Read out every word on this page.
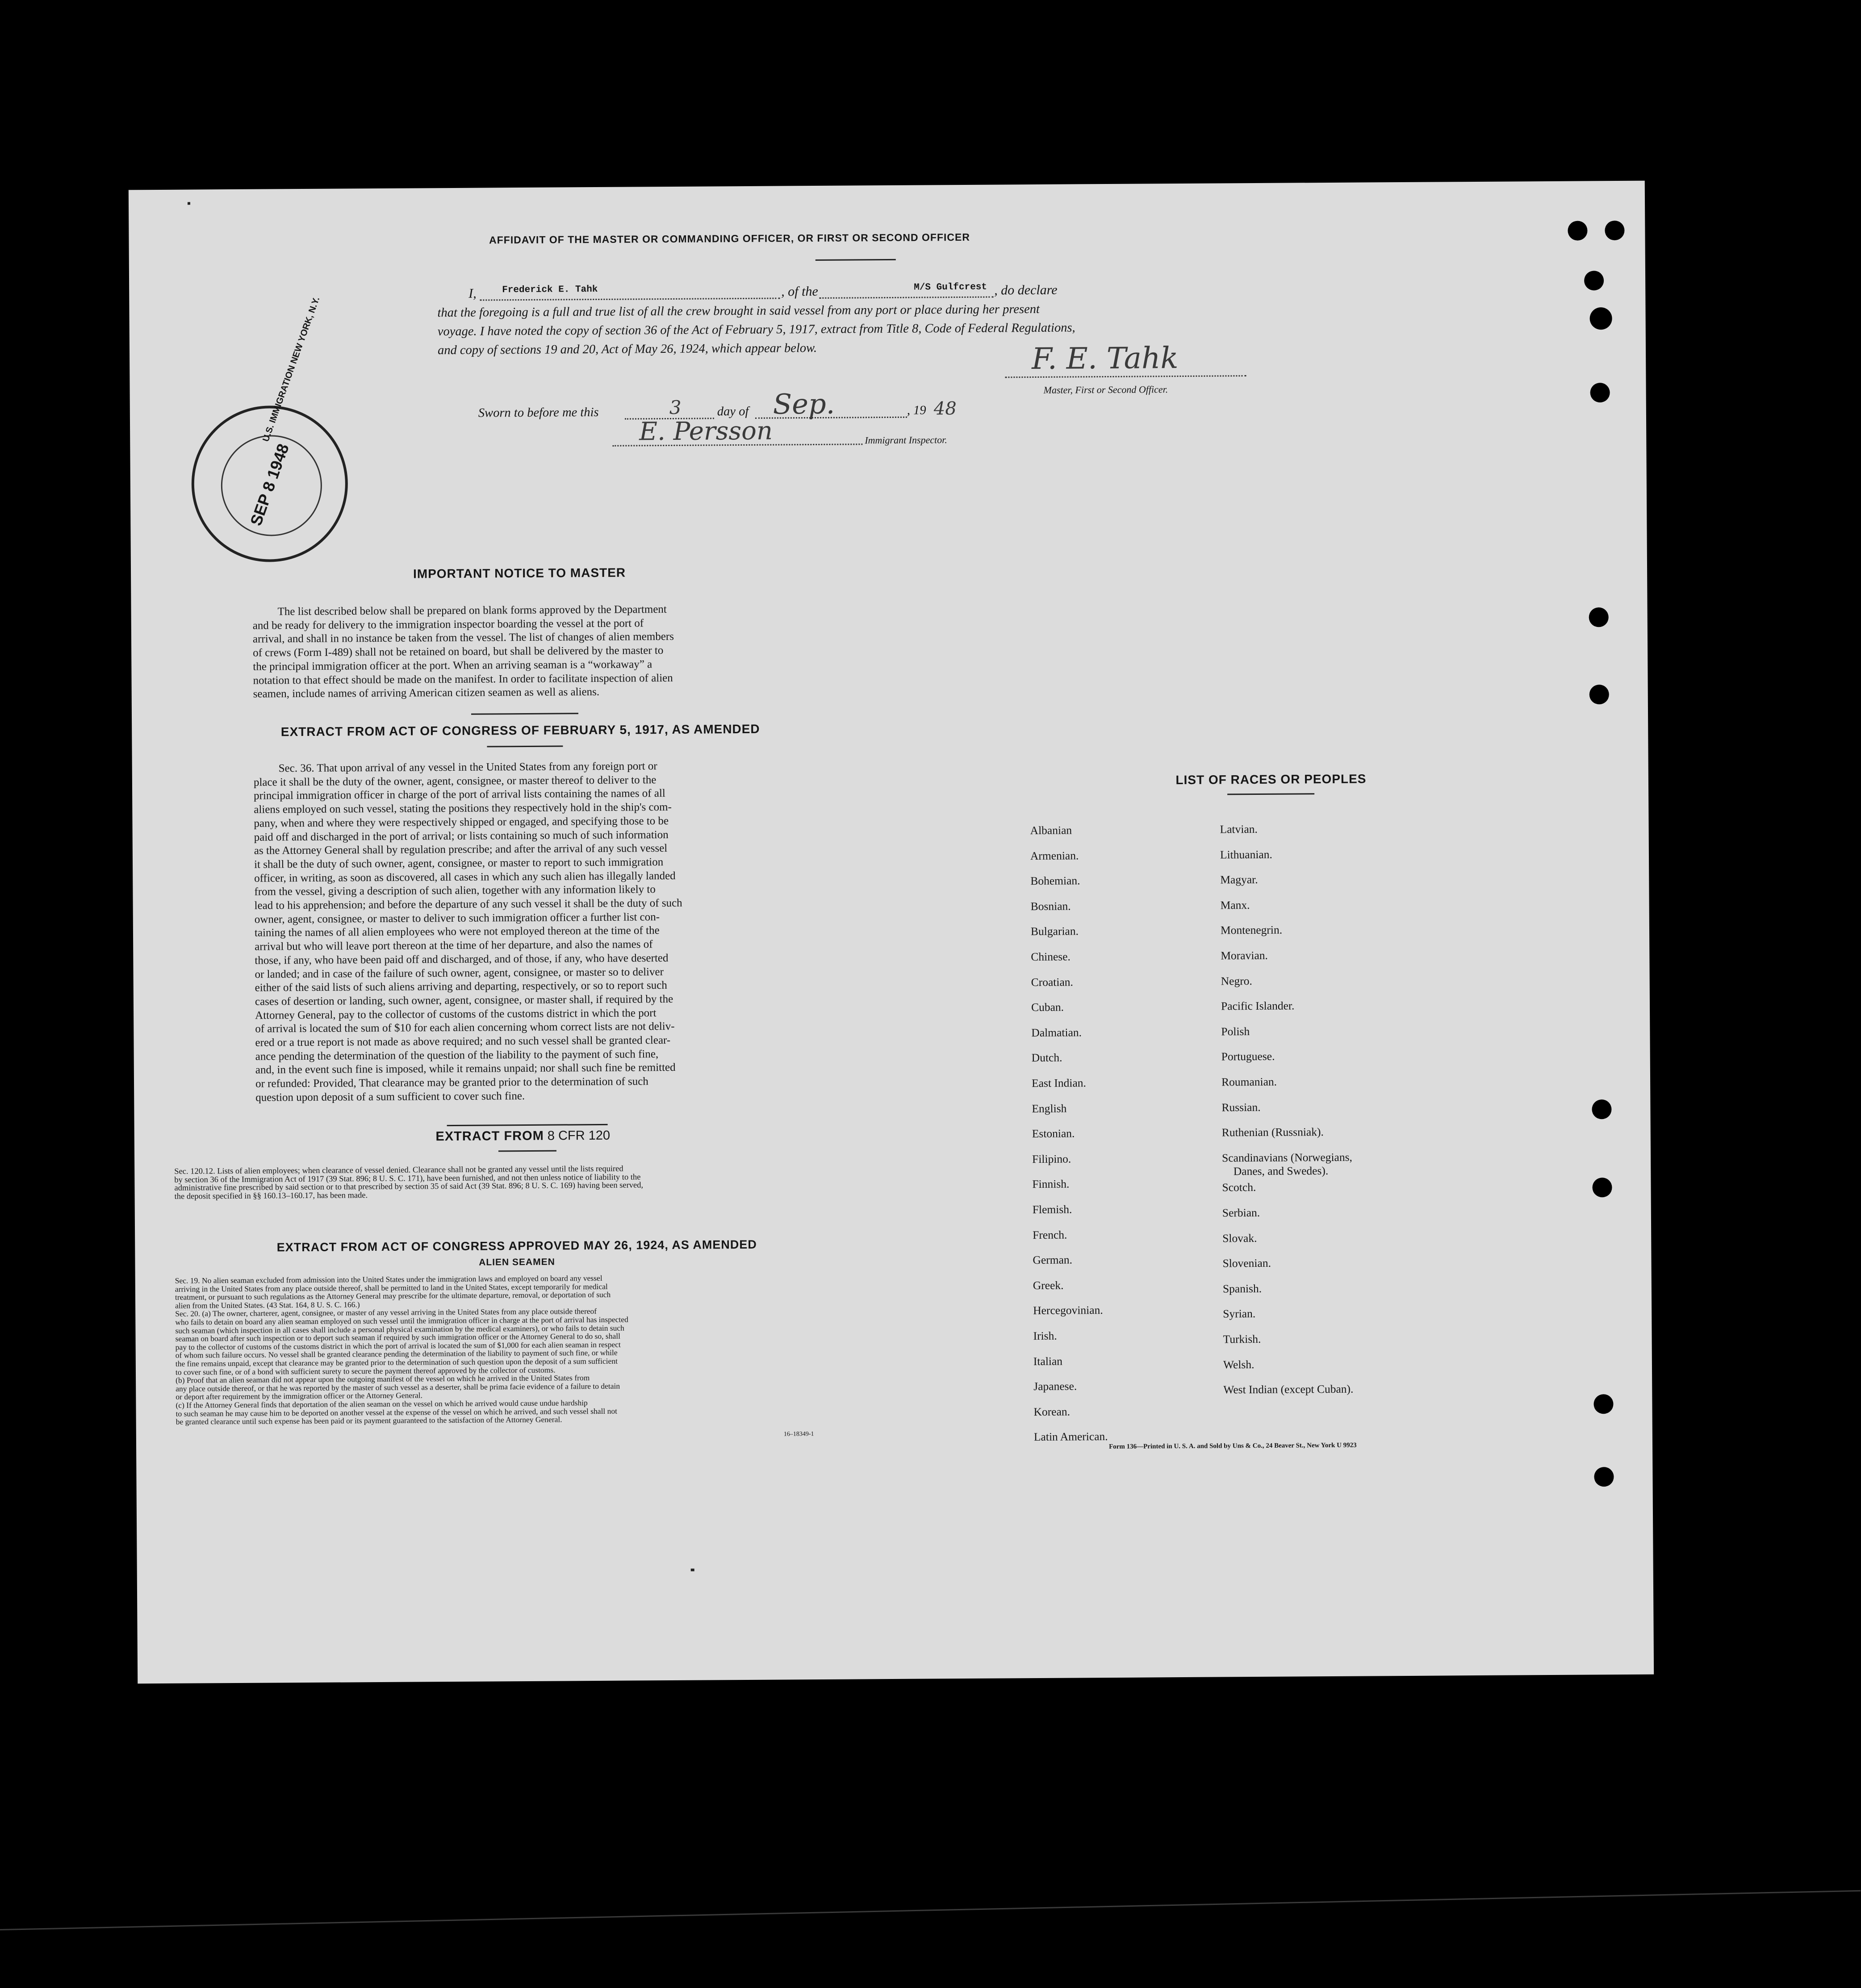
AFFIDAVIT OF THE MASTER OR COMMANDING OFFICER, OR FIRST OR SECOND OFFICER
I,	Frederick E. Tahk	, of the	M/S Gulfcrest , do declare
that the foregoing is a full and true list of all the crew brought in said vessel from any port or place during her present
voyage. I have noted the copy of section 36 of the Act of February 5, 1917, extract from Title 8, Code of Federal Regulations,
and copy of sections 19 and 20, Act of May 26, 1924, which appear below.	F. E. Tahk
Master, First or Second Officer.
Sworn to before me this	3	day of Sep.	, 19 48
E. Persson	Immigrant Inspector.
SEP 8 1948
U.S. IMMIGRATION NEW YORK, N.Y.
IMPORTANT NOTICE TO MASTER
The list described below shall be prepared on blank forms approved by the Department
and be ready for delivery to the immigration inspector boarding the vessel at the port of
arrival, and shall in no instance be taken from the vessel. The list of changes of alien members
of crews (Form I-489) shall not be retained on board, but shall be delivered by the master to
the principal immigration officer at the port. When an arriving seaman is a “workaway” a
notation to that effect should be made on the manifest. In order to facilitate inspection of alien
seamen, include names of arriving American citizen seamen as well as aliens.
EXTRACT FROM ACT OF CONGRESS OF FEBRUARY 5, 1917, AS AMENDED
Sec. 36. That upon arrival of any vessel in the United States from any foreign port or
place it shall be the duty of the owner, agent, consignee, or master thereof to deliver to the
principal immigration officer in charge of the port of arrival lists containing the names of all
aliens employed on such vessel, stating the positions they respectively hold in the ship's com-
pany, when and where they were respectively shipped or engaged, and specifying those to be
paid off and discharged in the port of arrival; or lists containing so much of such information
as the Attorney General shall by regulation prescribe; and after the arrival of any such vessel
it shall be the duty of such owner, agent, consignee, or master to report to such immigration
officer, in writing, as soon as discovered, all cases in which any such alien has illegally landed
from the vessel, giving a description of such alien, together with any information likely to
lead to his apprehension; and before the departure of any such vessel it shall be the duty of such
owner, agent, consignee, or master to deliver to such immigration officer a further list con-
taining the names of all alien employees who were not employed thereon at the time of the
arrival but who will leave port thereon at the time of her departure, and also the names of
those, if any, who have been paid off and discharged, and of those, if any, who have deserted
or landed; and in case of the failure of such owner, agent, consignee, or master so to deliver
either of the said lists of such aliens arriving and departing, respectively, or so to report such
cases of desertion or landing, such owner, agent, consignee, or master shall, if required by the
Attorney General, pay to the collector of customs of the customs district in which the port
of arrival is located the sum of $10 for each alien concerning whom correct lists are not deliv-
ered or a true report is not made as above required; and no such vessel shall be granted clear-
ance pending the determination of the question of the liability to the payment of such fine,
and, in the event such fine is imposed, while it remains unpaid; nor shall such fine be remitted
or refunded: Provided, That clearance may be granted prior to the determination of such
question upon deposit of a sum sufficient to cover such fine.
EXTRACT FROM 8 CFR 120
Sec. 120.12. Lists of alien employees; when clearance of vessel denied. Clearance shall not be granted any vessel until the lists required
by section 36 of the Immigration Act of 1917 (39 Stat. 896; 8 U. S. C. 171), have been furnished, and not then unless notice of liability to the
administrative fine prescribed by said section or to that prescribed by section 35 of said Act (39 Stat. 896; 8 U. S. C. 169) having been served,
the deposit specified in §§ 160.13–160.17, has been made.
EXTRACT FROM ACT OF CONGRESS APPROVED MAY 26, 1924, AS AMENDED
ALIEN SEAMEN
Sec. 19. No alien seaman excluded from admission into the United States under the immigration laws and employed on board any vessel
arriving in the United States from any place outside thereof, shall be permitted to land in the United States, except temporarily for medical
treatment, or pursuant to such regulations as the Attorney General may prescribe for the ultimate departure, removal, or deportation of such
alien from the United States. (43 Stat. 164, 8 U. S. C. 166.)
Sec. 20. (a) The owner, charterer, agent, consignee, or master of any vessel arriving in the United States from any place outside thereof
who fails to detain on board any alien seaman employed on such vessel until the immigration officer in charge at the port of arrival has inspected
such seaman (which inspection in all cases shall include a personal physical examination by the medical examiners), or who fails to detain such
seaman on board after such inspection or to deport such seaman if required by such immigration officer or the Attorney General to do so, shall
pay to the collector of customs of the customs district in which the port of arrival is located the sum of $1,000 for each alien seaman in respect
of whom such failure occurs. No vessel shall be granted clearance pending the determination of the liability to payment of such fine, or while
the fine remains unpaid, except that clearance may be granted prior to the determination of such question upon the deposit of a sum sufficient
to cover such fine, or of a bond with sufficient surety to secure the payment thereof approved by the collector of customs.
(b) Proof that an alien seaman did not appear upon the outgoing manifest of the vessel on which he arrived in the United States from
any place outside thereof, or that he was reported by the master of such vessel as a deserter, shall be prima facie evidence of a failure to detain
or deport after requirement by the immigration officer or the Attorney General.
(c) If the Attorney General finds that deportation of the alien seaman on the vessel on which he arrived would cause undue hardship
to such seaman he may cause him to be deported on another vessel at the expense of the vessel on which he arrived, and such vessel shall not
be granted clearance until such expense has been paid or its payment guaranteed to the satisfaction of the Attorney General.
16–18349-1
LIST OF RACES OR PEOPLES
Form 136—Printed in U. S. A. and Sold by Uns & Co., 24 Beaver St., New York U 9923
Albanian
Armenian.
Bohemian.
Bosnian.
Bulgarian.
Chinese.
Croatian.
Cuban.
Dalmatian.
Dutch.
East Indian.
English
Estonian.
Filipino.
Finnish.
Flemish.
French.
German.
Greek.
Hercegovinian.
Irish.
Italian
Japanese.
Korean.
Latin American.
Latvian.
Lithuanian.
Magyar.
Manx.
Montenegrin.
Moravian.
Negro.
Pacific Islander.
Polish
Portuguese.
Roumanian.
Russian.
Ruthenian (Russniak).
Scandinavians (Norwegians,
Danes, and Swedes).
Scotch.
Serbian.
Slovak.
Slovenian.
Spanish.
Syrian.
Turkish.
Welsh.
West Indian (except Cuban).
